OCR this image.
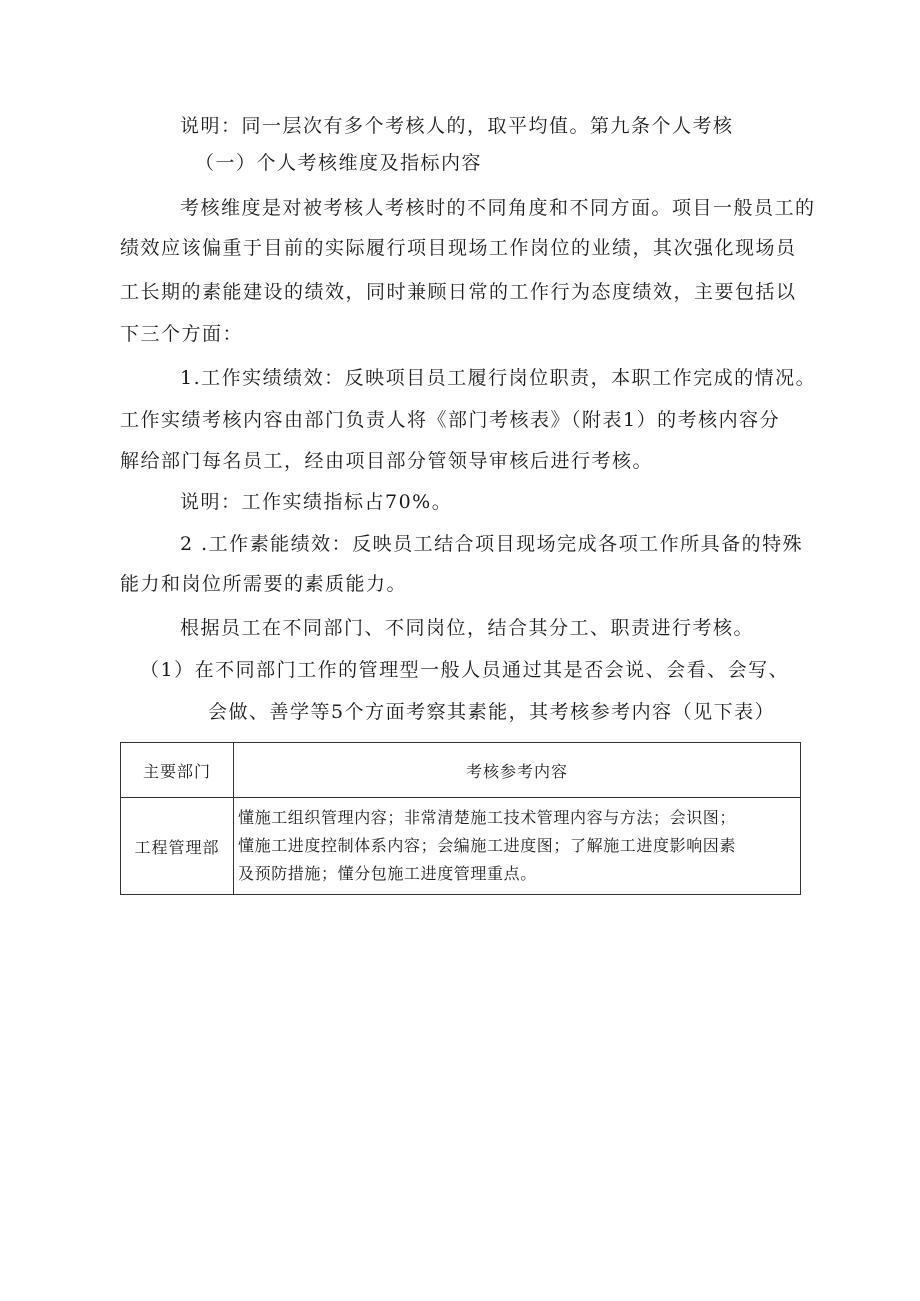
说明：同一层次有多个考核人的，取平均值。第九条个人考核
（一）个人考核维度及指标内容
考核维度是对被考核人考核时的不同角度和不同方面。项目一般员工的
绩效应该偏重于目前的实际履行项目现场工作岗位的业绩，其次强化现场员
工长期的素能建设的绩效，同时兼顾日常的工作行为态度绩效，主要包括以
下三个方面：
1.工作实绩绩效：反映项目员工履行岗位职责，本职工作完成的情况。
工作实绩考核内容由部门负责人将《部门考核表》（附表1）的考核内容分
解给部门每名员工，经由项目部分管领导审核后进行考核。
说明：工作实绩指标占70%。
2 .工作素能绩效：反映员工结合项目现场完成各项工作所具备的特殊
能力和岗位所需要的素质能力。
根据员工在不同部门、不同岗位，结合其分工、职责进行考核。
（1）在不同部门工作的管理型一般人员通过其是否会说、会看、会写、
会做、善学等5个方面考察其素能，其考核参考内容（见下表）
主要部门	考核参考内容
工程管理部	懂施工组织管理内容；非常清楚施工技术管理内容与方法；会识图；
懂施工进度控制体系内容；会编施工进度图；了解施工进度影响因素
及预防措施；懂分包施工进度管理重点。
